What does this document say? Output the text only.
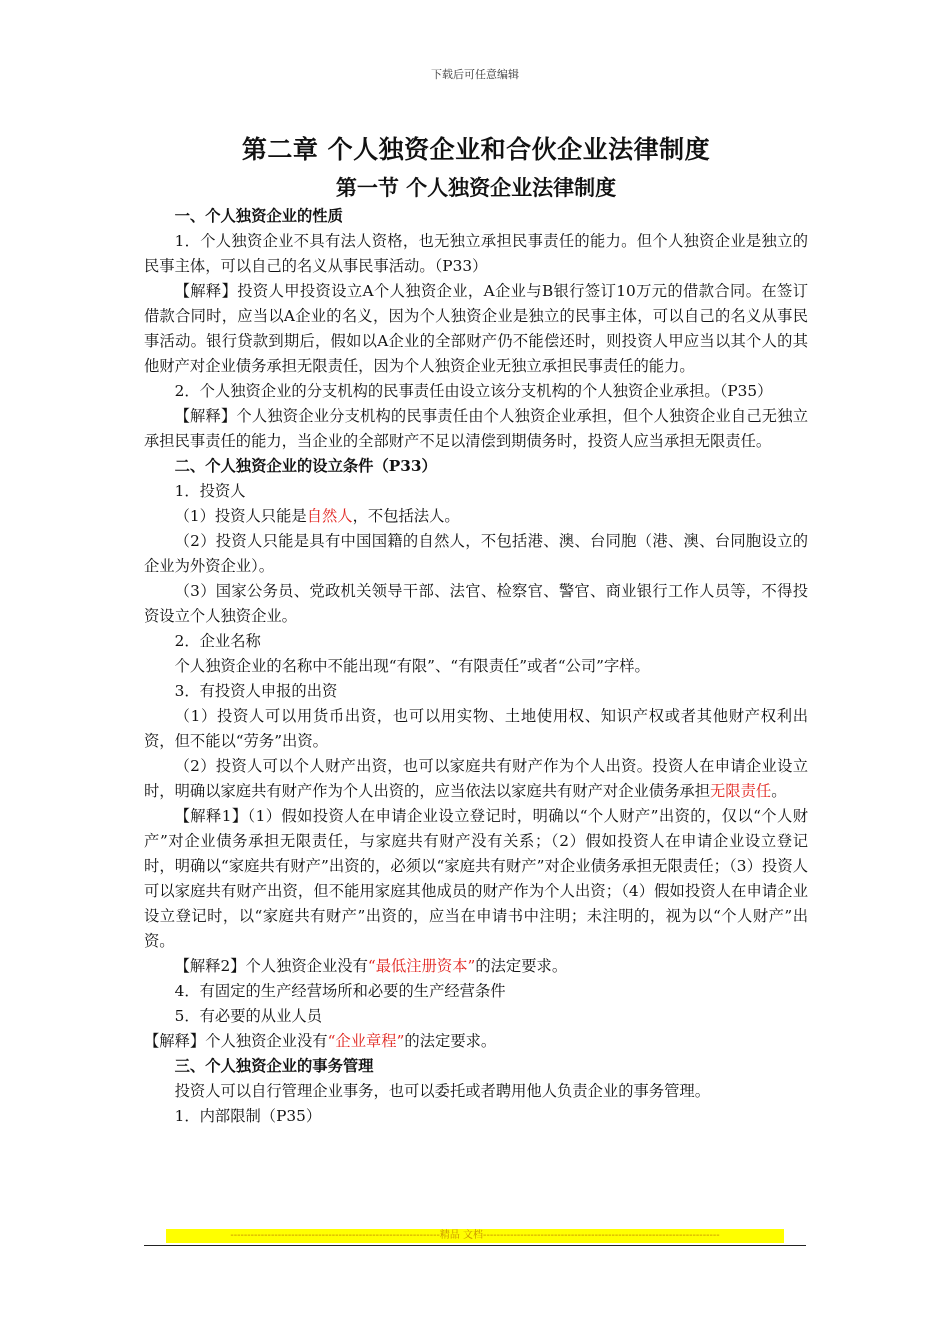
下载后可任意编辑
第二章 个人独资企业和合伙企业法律制度
第一节 个人独资企业法律制度

一、个人独资企业的性质

1．个人独资企业不具有法人资格，也无独立承担民事责任的能力。但个人独资企业是独立的民事主体，可以自己的名义从事民事活动。（P33）

【解释】投资人甲投资设立A个人独资企业，A企业与B银行签订10万元的借款合同。在签订借款合同时，应当以A企业的名义，因为个人独资企业是独立的民事主体，可以自己的名义从事民事活动。银行贷款到期后，假如以A企业的全部财产仍不能偿还时，则投资人甲应当以其个人的其他财产对企业债务承担无限责任，因为个人独资企业无独立承担民事责任的能力。

2．个人独资企业的分支机构的民事责任由设立该分支机构的个人独资企业承担。（P35）

【解释】个人独资企业分支机构的民事责任由个人独资企业承担，但个人独资企业自己无独立承担民事责任的能力，当企业的全部财产不足以清偿到期债务时，投资人应当承担无限责任。

二、个人独资企业的设立条件（P33）

1．投资人

（1）投资人只能是自然人，不包括法人。

（2）投资人只能是具有中国国籍的自然人，不包括港、澳、台同胞（港、澳、台同胞设立的企业为外资企业）。

（3）国家公务员、党政机关领导干部、法官、检察官、警官、商业银行工作人员等，不得投资设立个人独资企业。

2．企业名称

个人独资企业的名称中不能出现“有限”、“有限责任”或者“公司”字样。

3．有投资人申报的出资

（1）投资人可以用货币出资，也可以用实物、土地使用权、知识产权或者其他财产权利出资，但不能以“劳务”出资。

（2）投资人可以个人财产出资，也可以家庭共有财产作为个人出资。投资人在申请企业设立时，明确以家庭共有财产作为个人出资的，应当依法以家庭共有财产对企业债务承担无限责任。

【解释1】（1）假如投资人在申请企业设立登记时，明确以“个人财产”出资的，仅以“个人财产”对企业债务承担无限责任，与家庭共有财产没有关系；（2）假如投资人在申请企业设立登记时，明确以“家庭共有财产”出资的，必须以“家庭共有财产”对企业债务承担无限责任；（3）投资人可以家庭共有财产出资，但不能用家庭其他成员的财产作为个人出资；（4）假如投资人在申请企业设立登记时，以“家庭共有财产”出资的，应当在申请书中注明；未注明的，视为以“个人财产”出资。

【解释2】个人独资企业没有“最低注册资本”的法定要求。

4．有固定的生产经营场所和必要的生产经营条件

5．有必要的从业人员

【解释】个人独资企业没有“企业章程”的法定要求。

三、个人独资企业的事务管理

投资人可以自行管理企业事务，也可以委托或者聘用他人负责企业的事务管理。

1．内部限制（P35）

--------------------------------------------------------------精品 文档----------------------------------------------------------------------
